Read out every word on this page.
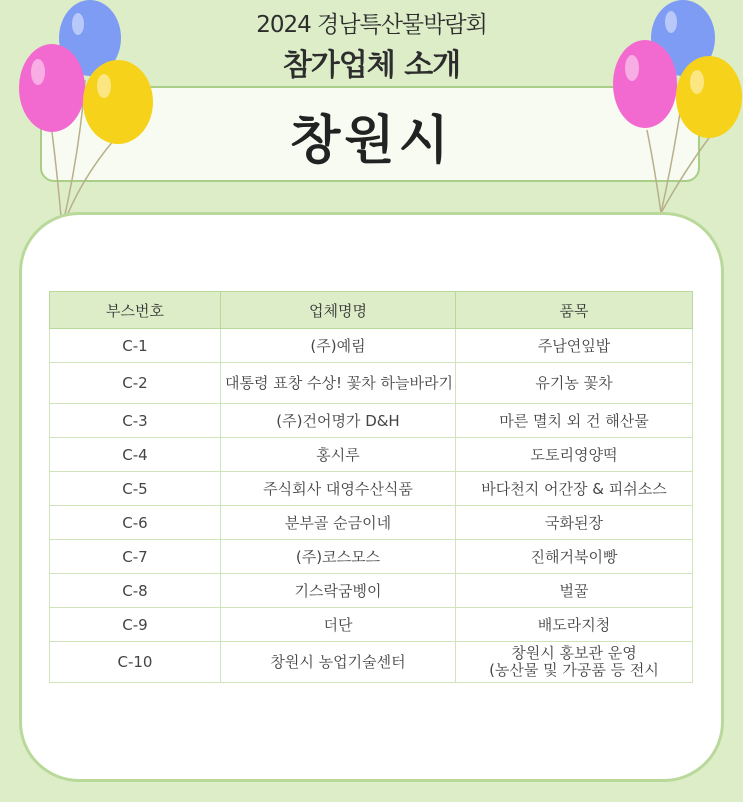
2024 경남특산물박람회
참가업체 소개
창원시
부스번호	업체명명	품목
C-1	(주)예림	주남연잎밥
C-2	대통령 표창 수상! 꽃차 하늘바라기	유기농 꽃차
C-3	(주)건어명가 D&H	마른 멸치 외 건 해산물
C-4	홍시루	도토리영양떡
C-5	주식회사 대영수산식품	바다천지 어간장 & 피쉬소스
C-6	분부골 순금이네	국화된장
C-7	(주)코스모스	진해거북이빵
C-8	기스락굼벵이	벌꿀
C-9	더단	배도라지청
C-10	창원시 농업기술센터	창원시 홍보관 운영
(농산물 및 가공품 등 전시
